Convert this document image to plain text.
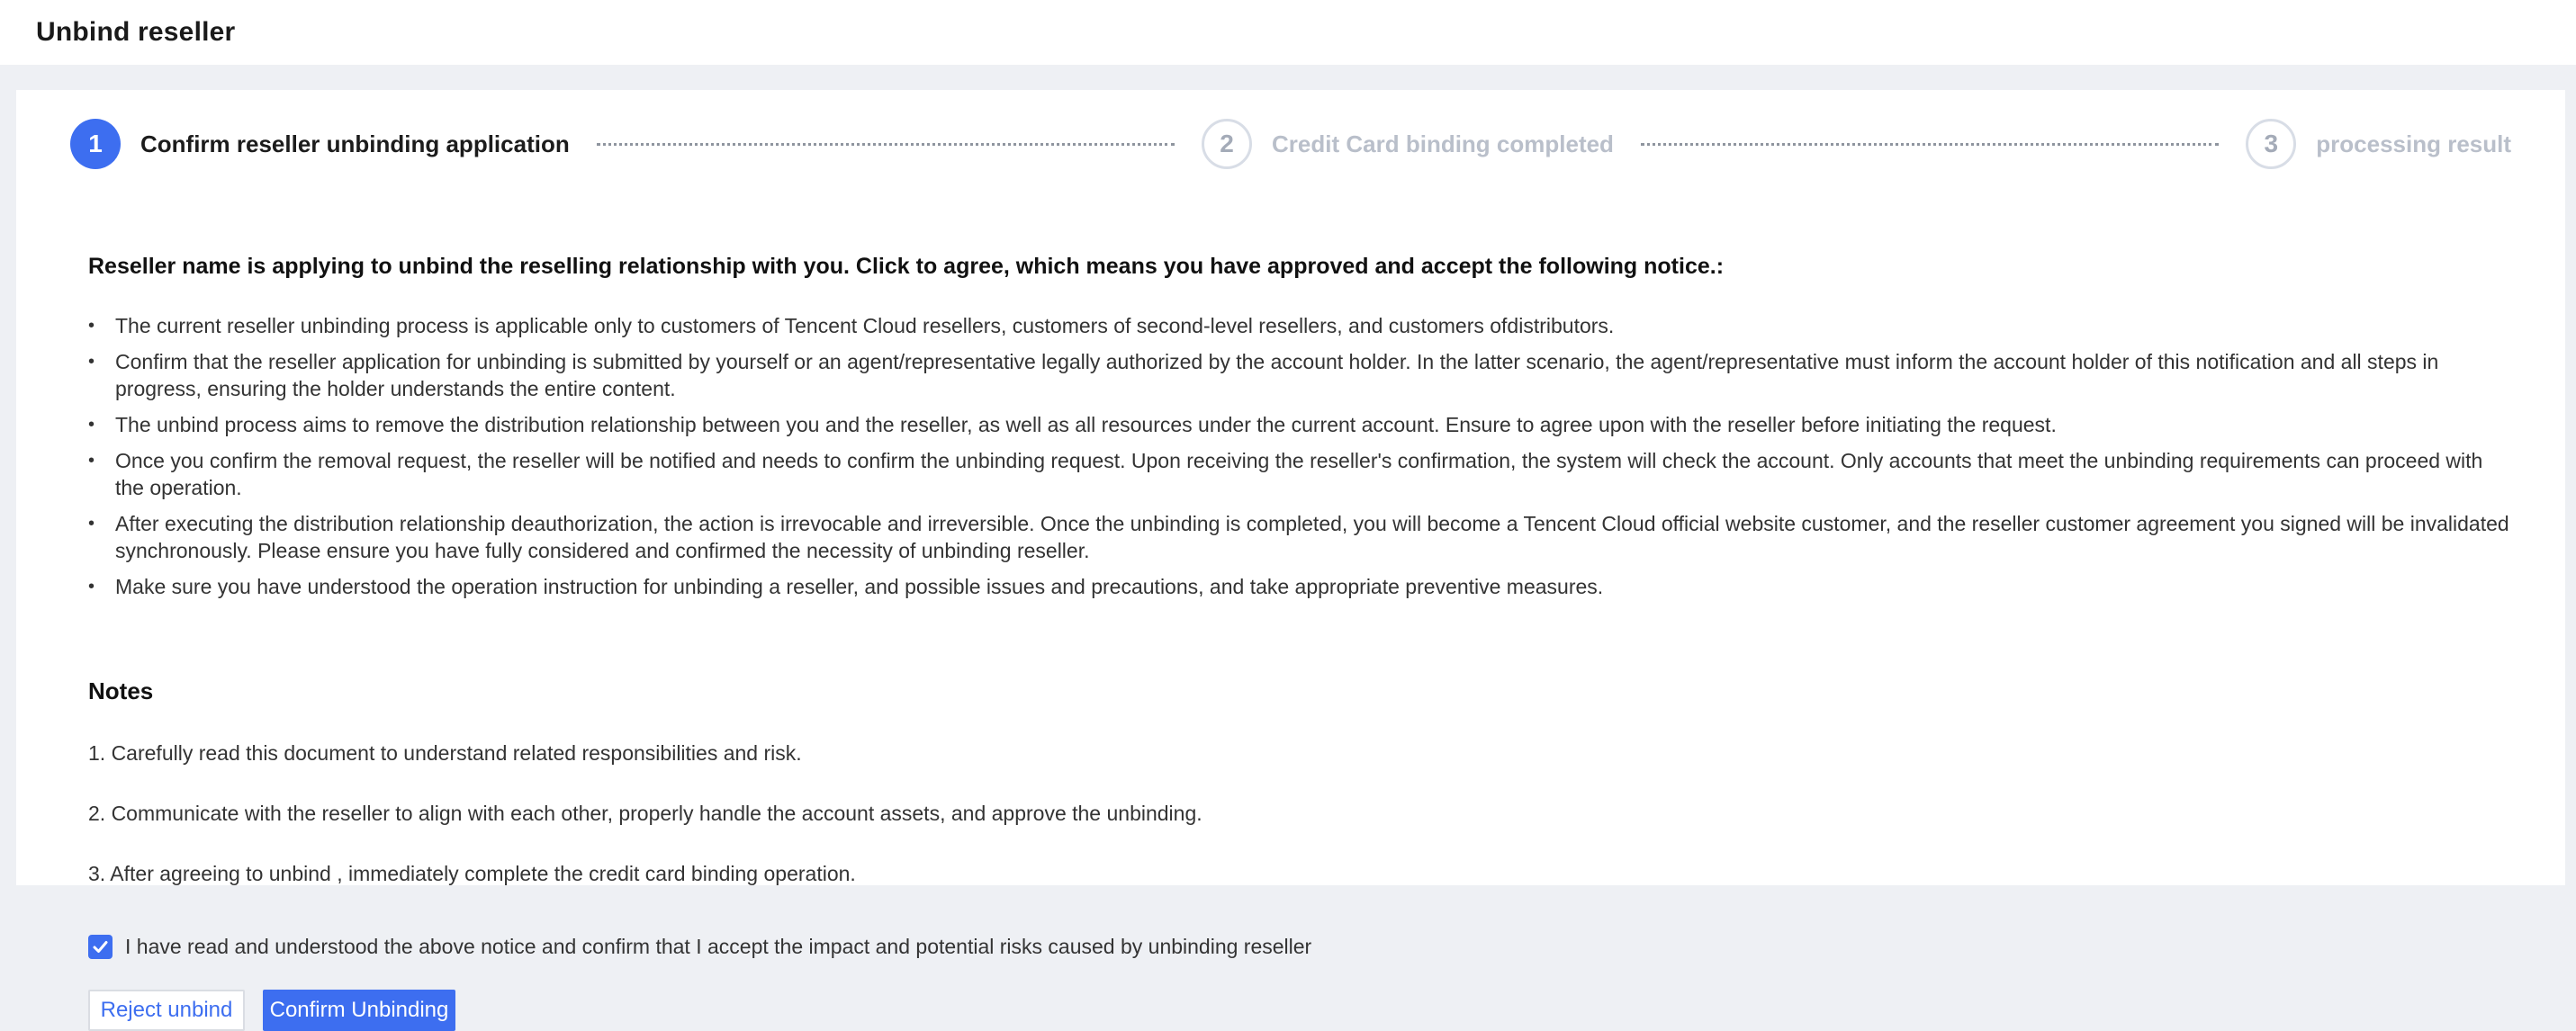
Unbind reseller
1	Confirm reseller unbinding application	2	Credit Card binding completed	3	processing result
Reseller name is applying to unbind the reselling relationship with you. Click to agree, which means you have approved and accept the following notice.:
• The current reseller unbinding process is applicable only to customers of Tencent Cloud resellers, customers of second-level resellers, and customers ofdistributors.
• Confirm that the reseller application for unbinding is submitted by yourself or an agent/representative legally authorized by the account holder. In the latter scenario, the agent/representative must inform the account holder of this notification and all steps in progress, ensuring the holder understands the entire content.
• The unbind process aims to remove the distribution relationship between you and the reseller, as well as all resources under the current account. Ensure to agree upon with the reseller before initiating the request.
• Once you confirm the removal request, the reseller will be notified and needs to confirm the unbinding request. Upon receiving the reseller's confirmation, the system will check the account. Only accounts that meet the unbinding requirements can proceed with the operation.
• After executing the distribution relationship deauthorization, the action is irrevocable and irreversible. Once the unbinding is completed, you will become a Tencent Cloud official website customer, and the reseller customer agreement you signed will be invalidated synchronously. Please ensure you have fully considered and confirmed the necessity of unbinding reseller.
• Make sure you have understood the operation instruction for unbinding a reseller, and possible issues and precautions, and take appropriate preventive measures.
Notes
1. Carefully read this document to understand related responsibilities and risk.
2. Communicate with the reseller to align with each other, properly handle the account assets, and approve the unbinding.
3. After agreeing to unbind , immediately complete the credit card binding operation.
I have read and understood the above notice and confirm that I accept the impact and potential risks caused by unbinding reseller
Reject unbind	Confirm Unbinding
